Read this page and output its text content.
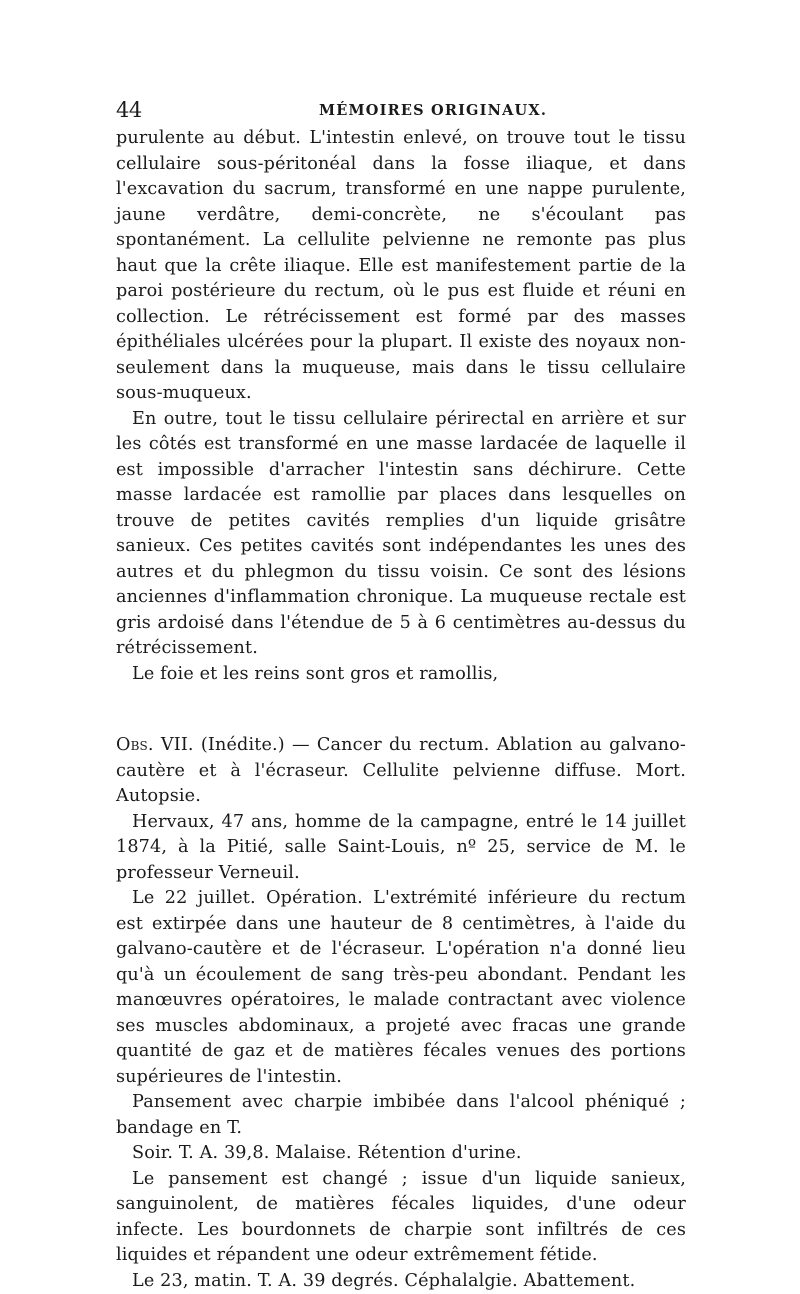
44	MÉMOIRES ORIGINAUX.

purulente au début. L'intestin enlevé, on trouve tout le tissu cellulaire sous-péritonéal dans la fosse iliaque, et dans l'excavation du sacrum, transformé en une nappe purulente, jaune verdâtre, demi-concrète, ne s'écoulant pas spontanément. La cellulite pelvienne ne remonte pas plus haut que la crête iliaque. Elle est manifestement partie de la paroi postérieure du rectum, où le pus est fluide et réuni en collection. Le rétrécissement est formé par des masses épithéliales ulcérées pour la plupart. Il existe des noyaux non-seulement dans la muqueuse, mais dans le tissu cellulaire sous-muqueux.

En outre, tout le tissu cellulaire périrectal en arrière et sur les côtés est transformé en une masse lardacée de laquelle il est impossible d'arracher l'intestin sans déchirure. Cette masse lardacée est ramollie par places dans lesquelles on trouve de petites cavités remplies d'un liquide grisâtre sanieux. Ces petites cavités sont indépendantes les unes des autres et du phlegmon du tissu voisin. Ce sont des lésions anciennes d'inflammation chronique. La muqueuse rectale est gris ardoisé dans l'étendue de 5 à 6 centimètres au-dessus du rétrécissement.

Le foie et les reins sont gros et ramollis,

Obs. VII. (Inédite.) — Cancer du rectum. Ablation au galvano-cautère et à l'écraseur. Cellulite pelvienne diffuse. Mort. Autopsie.

Hervaux, 47 ans, homme de la campagne, entré le 14 juillet 1874, à la Pitié, salle Saint-Louis, nº 25, service de M. le professeur Verneuil.

Le 22 juillet. Opération. L'extrémité inférieure du rectum est extirpée dans une hauteur de 8 centimètres, à l'aide du galvano-cautère et de l'écraseur. L'opération n'a donné lieu qu'à un écoulement de sang très-peu abondant. Pendant les manœuvres opératoires, le malade contractant avec violence ses muscles abdominaux, a projeté avec fracas une grande quantité de gaz et de matières fécales venues des portions supérieures de l'intestin.

Pansement avec charpie imbibée dans l'alcool phéniqué ; bandage en T.

Soir. T. A. 39,8. Malaise. Rétention d'urine.

Le pansement est changé ; issue d'un liquide sanieux, sanguinolent, de matières fécales liquides, d'une odeur infecte. Les bourdonnets de charpie sont infiltrés de ces liquides et répandent une odeur extrêmement fétide.

Le 23, matin. T. A. 39 degrés. Céphalalgie. Abattement.
